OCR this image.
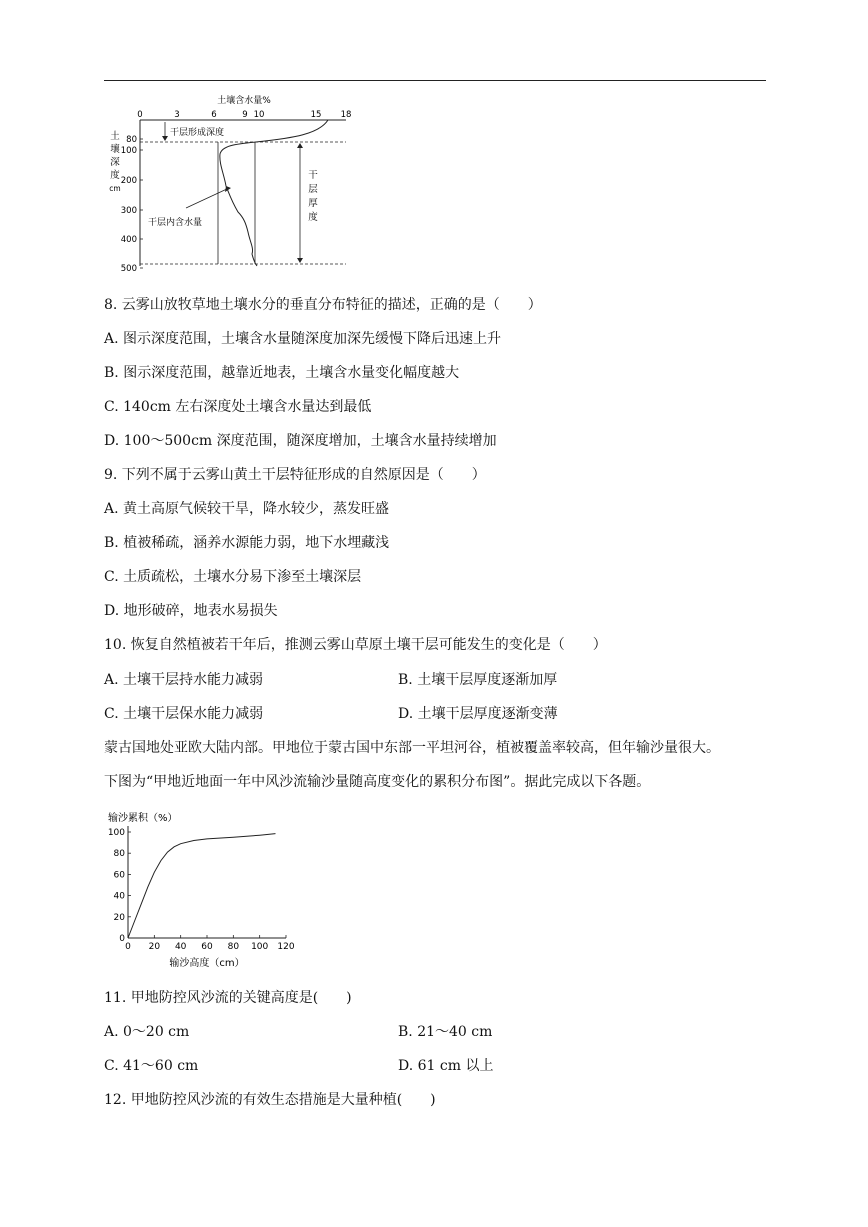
土壤含水量%
0	3	6	9 10	15 18
土
壤
深
度
cm
80
100
200
300
400
500
干层形成深度
干
层
厚
度
干层内含水量
8. 云雾山放牧草地土壤水分的垂直分布特征的描述，正确的是（　　）
A. 图示深度范围，土壤含水量随深度加深先缓慢下降后迅速上升
B. 图示深度范围，越靠近地表，土壤含水量变化幅度越大
C. 140cm 左右深度处土壤含水量达到最低
D. 100～500cm 深度范围，随深度增加，土壤含水量持续增加
9. 下列不属于云雾山黄土干层特征形成的自然原因是（　　）
A. 黄土高原气候较干旱，降水较少，蒸发旺盛
B. 植被稀疏，涵养水源能力弱，地下水埋藏浅
C. 土质疏松，土壤水分易下渗至土壤深层
D. 地形破碎，地表水易损失
10. 恢复自然植被若干年后，推测云雾山草原土壤干层可能发生的变化是（　　）
A. 土壤干层持水能力减弱	B. 土壤干层厚度逐渐加厚
C. 土壤干层保水能力减弱	D. 土壤干层厚度逐渐变薄
蒙古国地处亚欧大陆内部。甲地位于蒙古国中东部一平坦河谷，植被覆盖率较高，但年输沙量很大。
下图为“甲地近地面一年中风沙流输沙量随高度变化的累积分布图”。据此完成以下各题。
输沙累积（%）
0
20
40
60
80
100
0 20 40 60 80 100 120
输沙高度（cm）
11. 甲地防控风沙流的关键高度是(　　)
A. 0～20 cm	B. 21～40 cm
C. 41～60 cm	D. 61 cm 以上
12. 甲地防控风沙流的有效生态措施是大量种植(　　)
